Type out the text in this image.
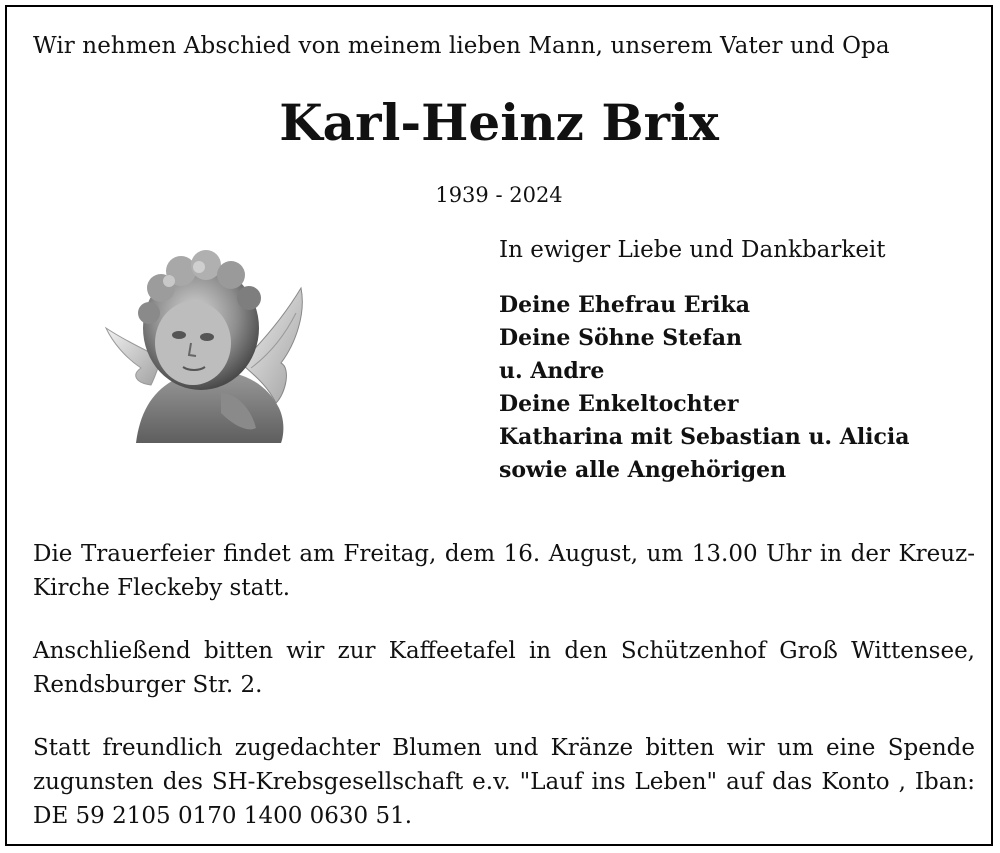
Wir nehmen Abschied von meinem lieben Mann, unserem Vater und Opa
Karl-Heinz Brix
1939 - 2024
In ewiger Liebe und Dankbarkeit
Deine Ehefrau Erika
Deine Söhne Stefan
u. Andre
Deine Enkeltochter
Katharina mit Sebastian u. Alicia
sowie alle Angehörigen
Die Trauerfeier findet am Freitag, dem 16. August, um 13.00 Uhr in der Kreuz-
Kirche Fleckeby statt.
Anschließend bitten wir zur Kaffeetafel in den Schützenhof Groß Wittensee,
Rendsburger Str. 2.
Statt freundlich zugedachter Blumen und Kränze bitten wir um eine Spende
zugunsten des SH-Krebsgesellschaft e.v. "Lauf ins Leben" auf das Konto , Iban:
DE 59 2105 0170 1400 0630 51.
